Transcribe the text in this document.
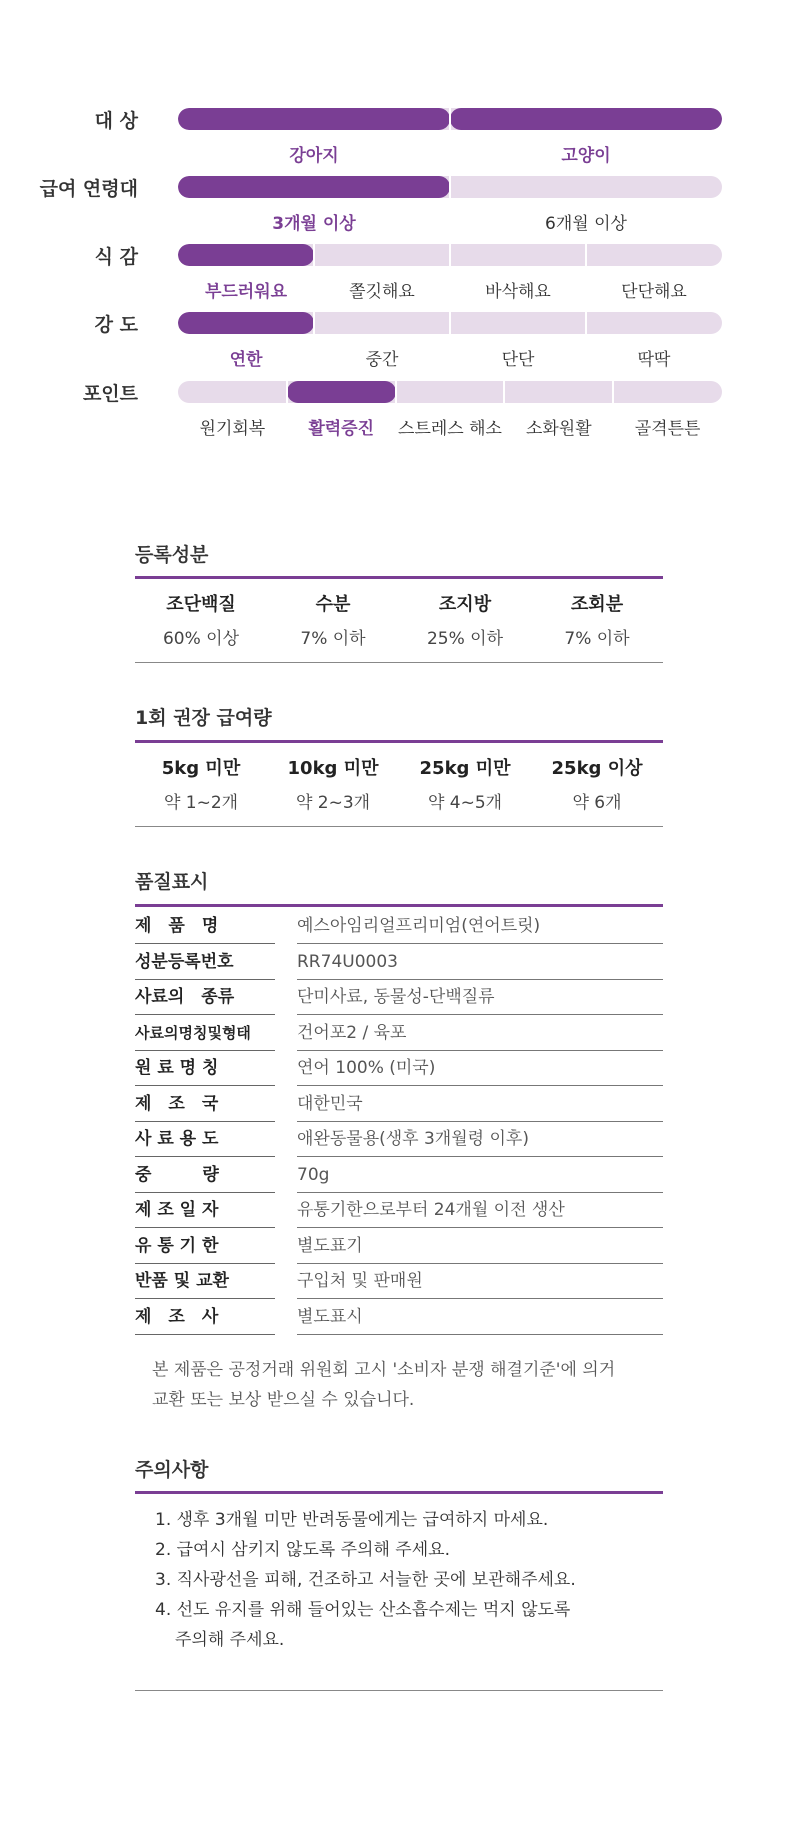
대 상
강아지	고양이
급여 연령대
3개월 이상	6개월 이상
식 감
부드러워요	쫄깃해요	바삭해요	단단해요
강 도
연한	중간	단단	딱딱
포인트
원기회복	활력증진 스트레스 해소 소화원활	골격튼튼
등록성분
조단백질	수분	조지방	조회분
60% 이상	7% 이하	25% 이하	7% 이하
1회 권장 급여량
5kg 미만	10kg 미만 25kg 미만 25kg 이상
약 1~2개	약 2~3개	약 4~5개	약 6개
품질표시
제　품　명	예스아임리얼프리미엄(연어트릿)
성분등록번호	RR74U0003
사료의　종류	단미사료, 동물성-단백질류
사료의명칭및형태	건어포2 / 육포
원 료 명 칭	연어 100% (미국)
제　조　국	대한민국
사 료 용 도	애완동물용(생후 3개월령 이후)
중　　　량	70g
제 조 일 자	유통기한으로부터 24개월 이전 생산
유 통 기 한	별도표기
반품 및 교환	구입처 및 판매원
제　조　사	별도표시
본 제품은 공정거래 위원회 고시 '소비자 분쟁 해결기준'에 의거
교환 또는 보상 받으실 수 있습니다.
주의사항
1. 생후 3개월 미만 반려동물에게는 급여하지 마세요.
2. 급여시 삼키지 않도록 주의해 주세요.
3. 직사광선을 피해, 건조하고 서늘한 곳에 보관해주세요.
4. 선도 유지를 위해 들어있는 산소흡수제는 먹지 않도록
주의해 주세요.
